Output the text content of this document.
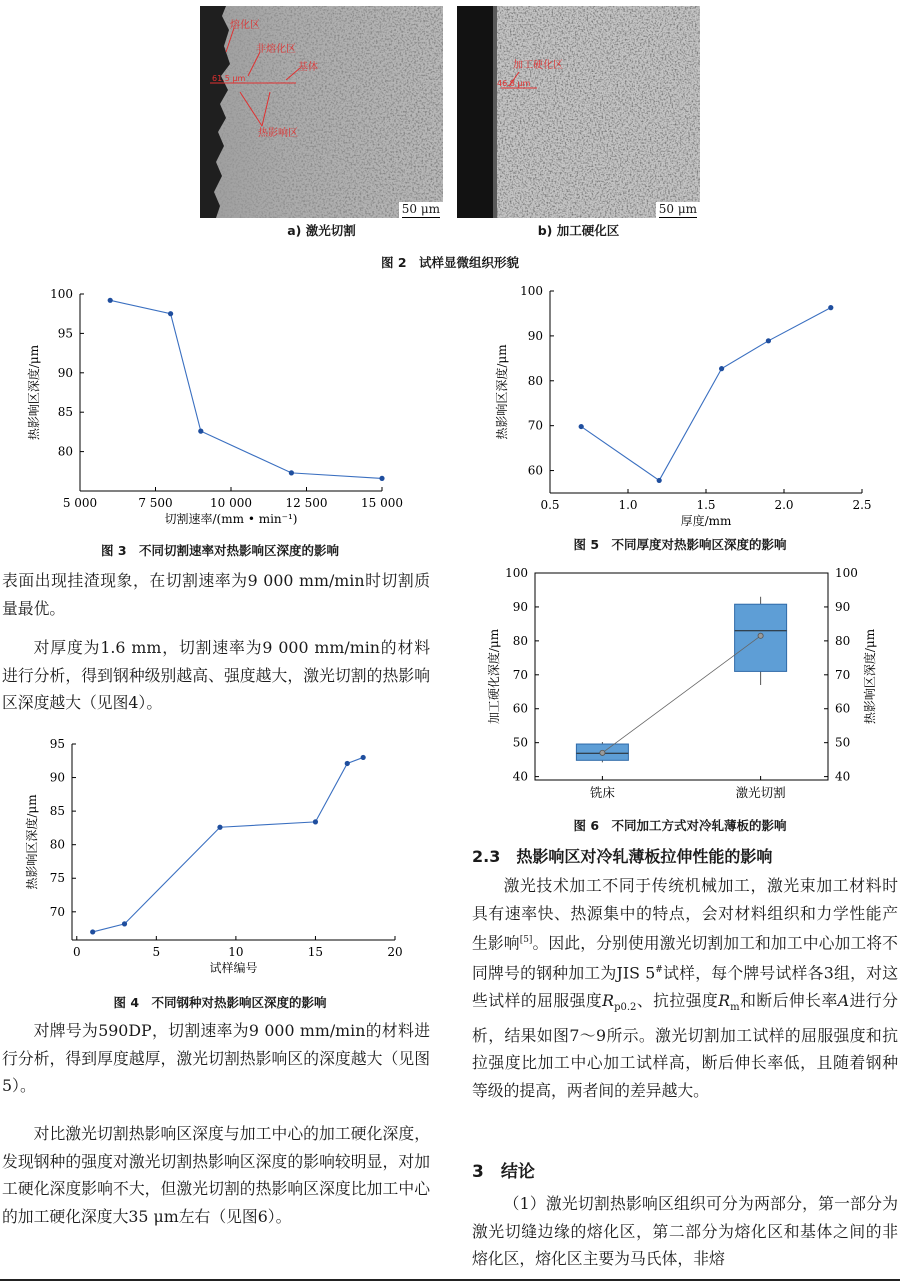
熔化区
非熔化区
基体
热影响区
61.5 μm
50 μm
a) 激光切割
加工硬化区
46.8 μm
50 μm
b) 加工硬化区
图 2　试样显微组织形貌
5 000	7 500	10 000	12 500	15 000
80
85
90
95
100
切割速率/(mm • min⁻¹)
热影响区深度/μm
图 3　不同切割速率对热影响区深度的影响
0.5	1.0	1.5	2.0	2.5
60
70
80
90
100
厚度/mm
热影响区深度/μm
图 5　不同厚度对热影响区深度的影响
40	40
50	50
60	60
70	70
80	80
90	90
100	100
加工硬化深度/μm	热影响区深度/μm
铣床	激光切割
图 6　不同加工方式对冷轧薄板的影响
0	5	10	15	20
70
75
80
85
90
95
试样编号
热影响区深度/μm
图 4　不同钢种对热影响区深度的影响

表面出现挂渣现象，在切割速率为9 000 mm/min时切割质量最优。

对厚度为1.6 mm，切割速率为9 000 mm/min的材料进行分析，得到钢种级别越高、强度越大，激光切割的热影响区深度越大（见图4）。

对牌号为590DP，切割速率为9 000 mm/min的材料进行分析，得到厚度越厚，激光切割热影响区的深度越大（见图5）。

对比激光切割热影响区深度与加工中心的加工硬化深度，发现钢种的强度对激光切割热影响区深度的影响较明显，对加工硬化深度影响不大，但激光切割的热影响区深度比加工中心的加工硬化深度大35 μm左右（见图6）。

2.3　热影响区对冷轧薄板拉伸性能的影响

激光技术加工不同于传统机械加工，激光束加工材料时具有速率快、热源集中的特点，会对材料组织和力学性能产生影响[5]。因此，分别使用激光切割加工和加工中心加工将不同牌号的钢种加工为JIS 5#试样，每个牌号试样各3组，对这些试样的屈服强度$R_{p0.2}$、抗拉强度$R_m$和断后伸长率A进行分析，结果如图7～9所示。激光切割加工试样的屈服强度和抗拉强度比加工中心加工试样高，断后伸长率低，且随着钢种等级的提高，两者间的差异越大。

3　结论

（1）激光切割热影响区组织可分为两部分，第一部分为激光切缝边缘的熔化区，第二部分为熔化区和基体之间的非熔化区，熔化区主要为马氏体，非熔
